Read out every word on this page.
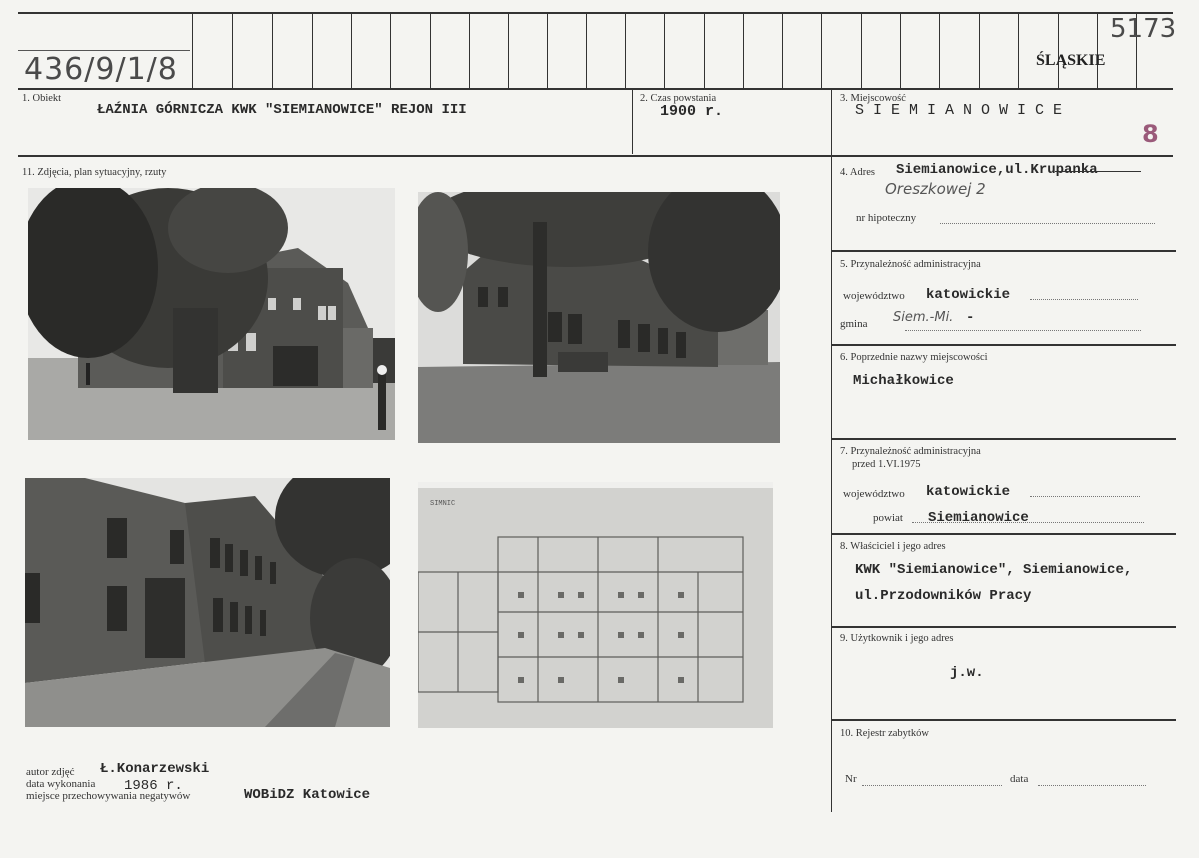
436/9/1/8
5173
ŚLĄSKIE
1. Obiekt
ŁAŹNIA GÓRNICZA KWK "SIEMIANOWICE" REJON III
2. Czas powstania
1900 r.
3. Miejscowość
S I E M I A N O W I C E
8
11. Zdjęcia, plan sytuacyjny, rzuty
SIMNIC
autor zdjęć Ł.Konarzewski
data wykonania 1986 r.
miejsce przechowywania negatywów	WOBiDZ Katowice
4. Adres Siemianowice,ul.Krupanka
Oreszkowej 2
nr hipoteczny
5. Przynależność administracyjna
województwo katowickie
gmina Siem.-Mi. -
6. Poprzednie nazwy miejscowości
Michałkowice
7. Przynależność administracyjna
przed 1.VI.1975
województwo katowickie
powiat Siemianowice
8. Właściciel i jego adres
KWK "Siemianowice", Siemianowice,
ul.Przodowników Pracy
9. Użytkownik i jego adres
j.w.
10. Rejestr zabytków
Nr	data
